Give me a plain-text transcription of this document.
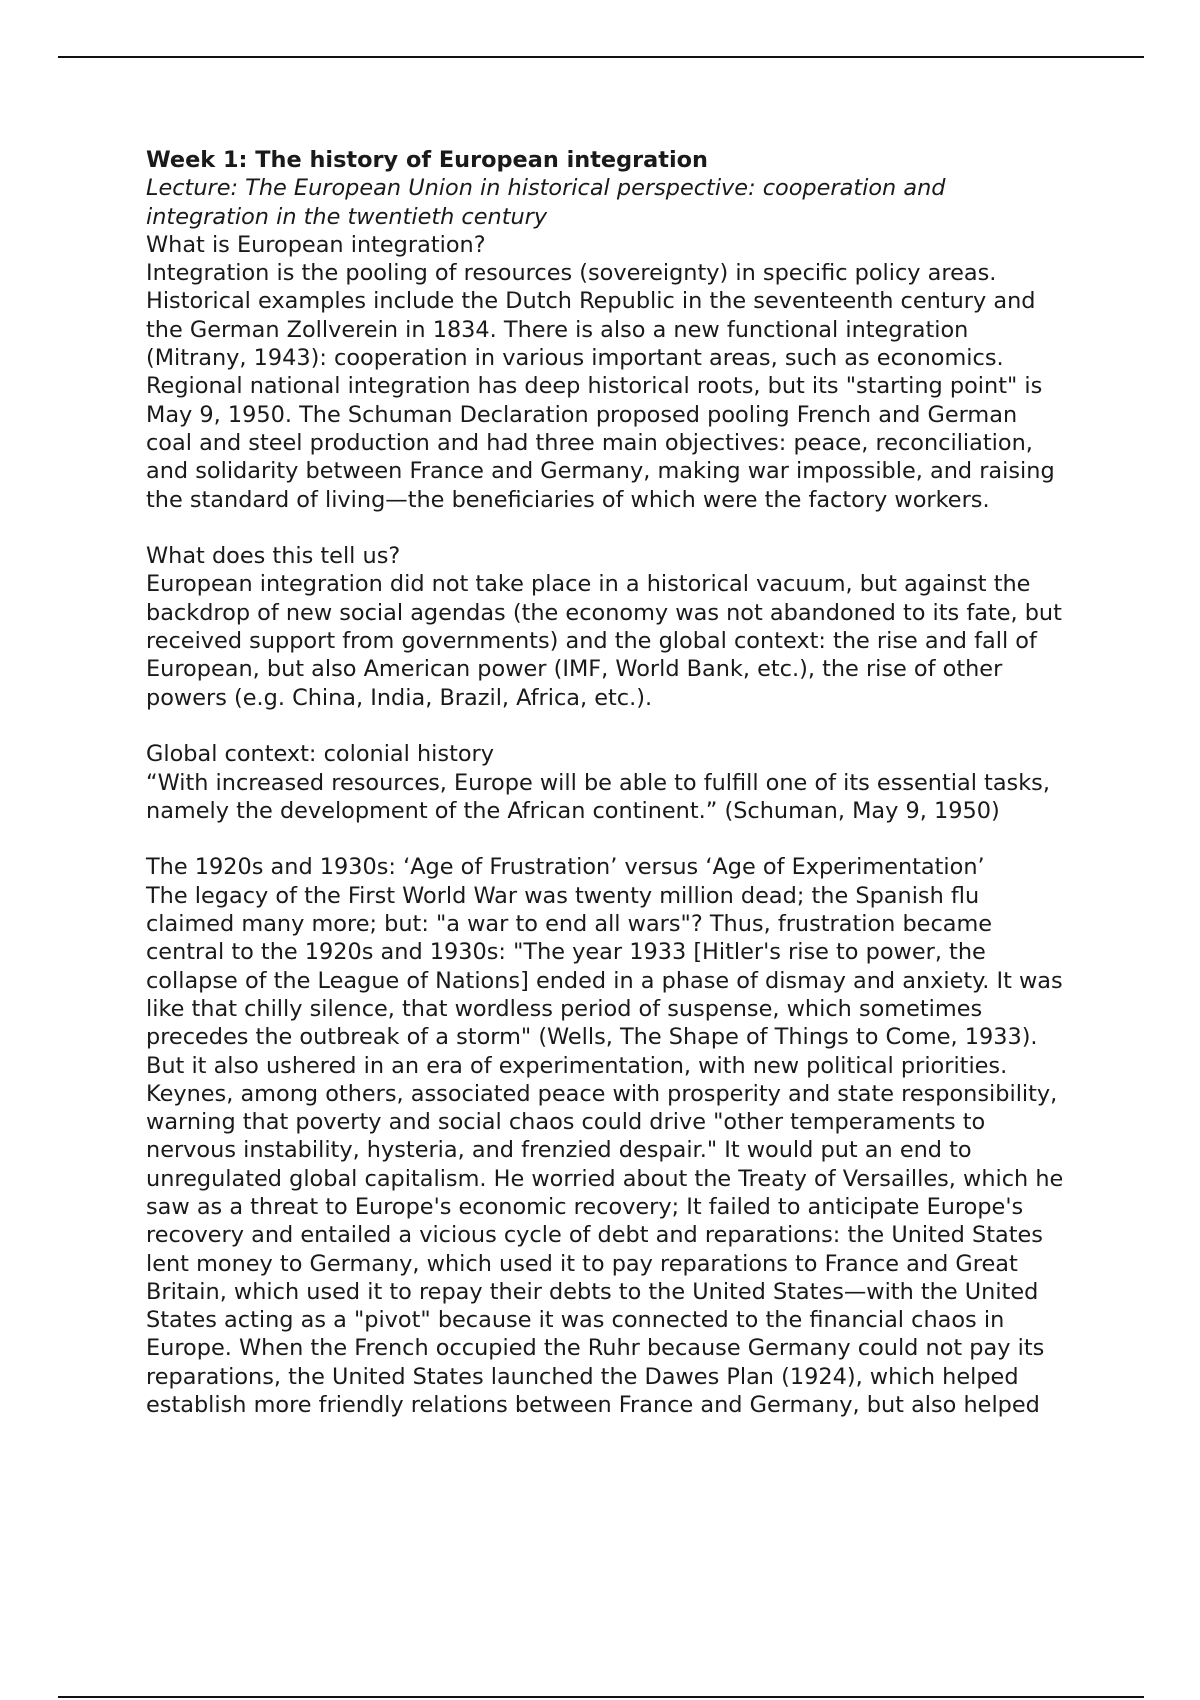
Week 1: The history of European integration

Lecture: The European Union in historical perspective: cooperation and integration in the twentieth century

What is European integration?

Integration is the pooling of resources (sovereignty) in specific policy areas. Historical examples include the Dutch Republic in the seventeenth century and the German Zollverein in 1834. There is also a new functional integration (Mitrany, 1943): cooperation in various important areas, such as economics. Regional national integration has deep historical roots, but its "starting point" is May 9, 1950. The Schuman Declaration proposed pooling French and German coal and steel production and had three main objectives: peace, reconciliation, and solidarity between France and Germany, making war impossible, and raising the standard of living—the beneficiaries of which were the factory workers.

What does this tell us?

European integration did not take place in a historical vacuum, but against the backdrop of new social agendas (the economy was not abandoned to its fate, but received support from governments) and the global context: the rise and fall of European, but also American power (IMF, World Bank, etc.), the rise of other powers (e.g. China, India, Brazil, Africa, etc.).

Global context: colonial history

“With increased resources, Europe will be able to fulfill one of its essential tasks, namely the development of the African continent.” (Schuman, May 9, 1950)

The 1920s and 1930s: ‘Age of Frustration’ versus ‘Age of Experimentation’

The legacy of the First World War was twenty million dead; the Spanish flu claimed many more; but: "a war to end all wars"? Thus, frustration became central to the 1920s and 1930s: "The year 1933 [Hitler's rise to power, the collapse of the League of Nations] ended in a phase of dismay and anxiety. It was like that chilly silence, that wordless period of suspense, which sometimes precedes the outbreak of a storm" (Wells, The Shape of Things to Come, 1933). But it also ushered in an era of experimentation, with new political priorities. Keynes, among others, associated peace with prosperity and state responsibility, warning that poverty and social chaos could drive "other temperaments to nervous instability, hysteria, and frenzied despair." It would put an end to unregulated global capitalism. He worried about the Treaty of Versailles, which he saw as a threat to Europe's economic recovery; It failed to anticipate Europe's recovery and entailed a vicious cycle of debt and reparations: the United States lent money to Germany, which used it to pay reparations to France and Great Britain, which used it to repay their debts to the United States—with the United States acting as a "pivot" because it was connected to the financial chaos in Europe. When the French occupied the Ruhr because Germany could not pay its reparations, the United States launched the Dawes Plan (1924), which helped establish more friendly relations between France and Germany, but also helped
